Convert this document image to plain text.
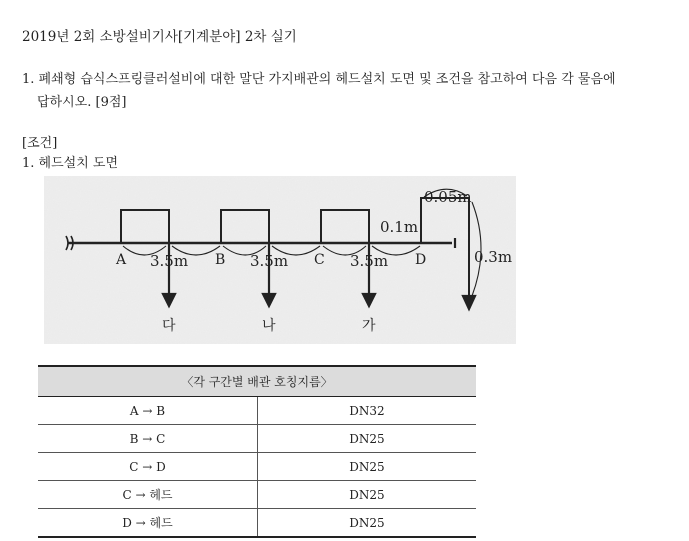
2019년 2회 소방설비기사[기계분야] 2차 실기
1. 폐쇄형 습식스프링클러설비에 대한 말단 가지배관의 헤드설치 도면 및 조건을 참고하여 다음 각 물음에
답하시오. [9점]
[조건]
1. 헤드설치 도면
A	B	C	D
3.5m	3.5m	3.5m
0.1m
0.05m
0.3m
다	나	가
〈각 구간별 배관 호칭지름〉	
A → B	DN32
B → C	DN25
C → D	DN25
C → 헤드	DN25
D → 헤드	DN25
